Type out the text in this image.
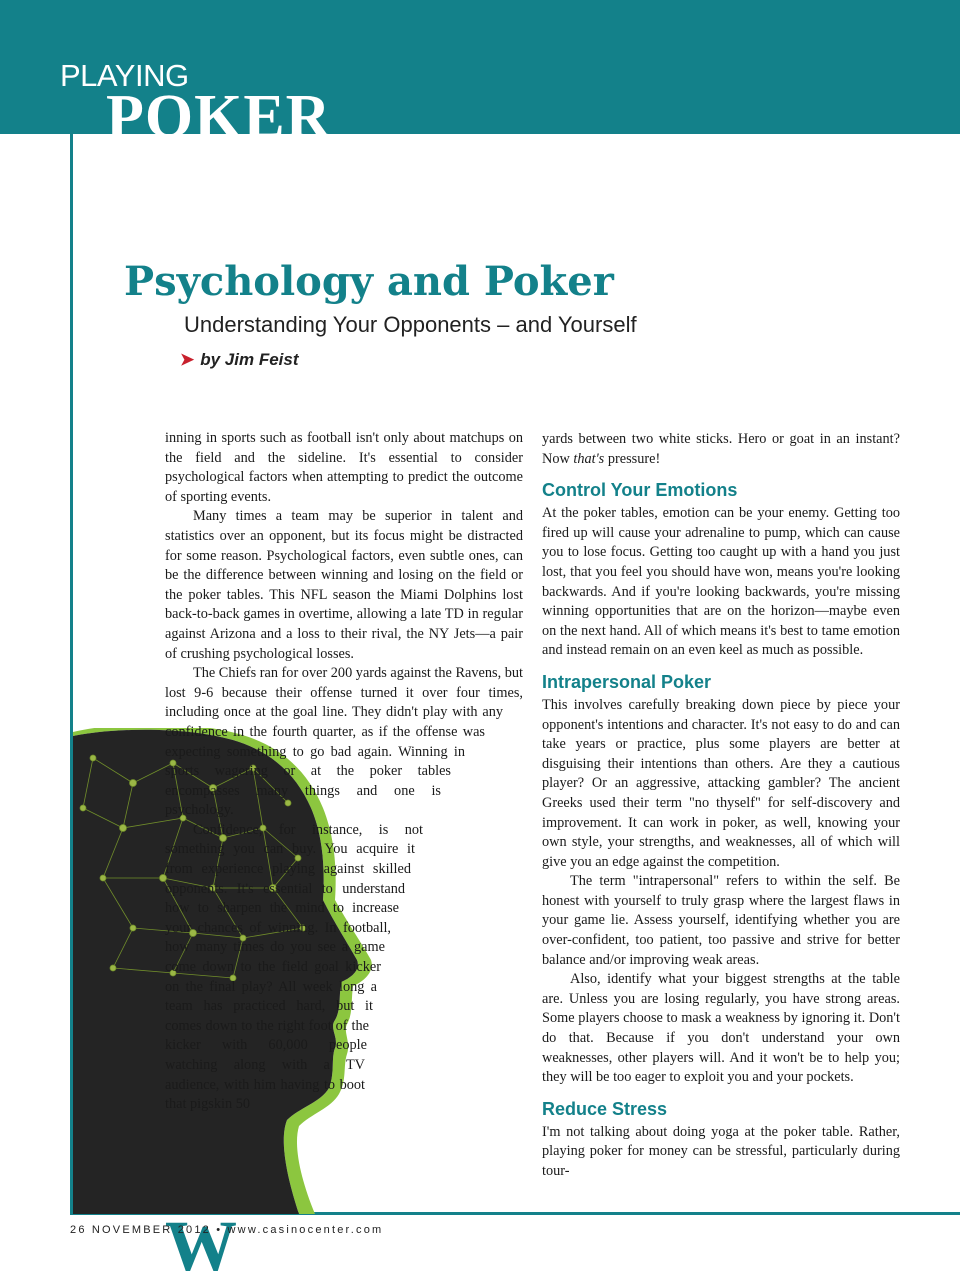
PLAYING
POKER
Psychology and Poker
Understanding Your Opponents – and Yourself
➤ by Jim Feist

W
inning in sports such as football isn't only about matchups on the field and the sideline. It's essential to consider psychological factors when attempting to predict the outcome of sporting events.

Many times a team may be superior in talent and statistics over an opponent, but its focus might be distracted for some reason. Psychological factors, even subtle ones, can be the difference between winning and losing on the field or the poker tables. This NFL season the Miami Dolphins lost back-to-back games in overtime, allowing a late TD in regular against Arizona and a loss to their rival, the NY Jets—a pair of crushing psychological losses.

The Chiefs ran for over 200 yards against the Ravens, but lost 9-6 because their offense turned it over four times, including once at the goal line. They didn't play with any confidence in the fourth quarter, as if the offense was expecting something to go bad again. Winning in sports wagering or at the poker tables encompasses many things and one is psychology.

Confidence, for instance, is not something you can buy. You acquire it from experience playing against skilled opponents. It's essential to understand how to sharpen the mind to increase your chances of winning. In football, how many times do you see a game come down to the field goal kicker on the final play? All week long a team has practiced hard, but it comes down to the right foot of the kicker with 60,000 people watching along with a TV audience, with him having to boot that pigskin 50

yards between two white sticks. Hero or goat in an instant? Now that's pressure!

Control Your Emotions

At the poker tables, emotion can be your enemy. Getting too fired up will cause your adrenaline to pump, which can cause you to lose focus. Getting too caught up with a hand you just lost, that you feel you should have won, means you're looking backwards. And if you're looking backwards, you're missing winning opportunities that are on the horizon—maybe even on the next hand. All of which means it's best to tame emotion and instead remain on an even keel as much as possible.

Intrapersonal Poker

This involves carefully breaking down piece by piece your opponent's intentions and character. It's not easy to do and can take years or practice, plus some players are better at disguising their intentions than others. Are they a cautious player? Or an aggressive, attacking gambler? The ancient Greeks used their term "no thyself" for self-discovery and improvement. It can work in poker, as well, knowing your own style, your strengths, and weaknesses, all of which will give you an edge against the competition.

The term "intrapersonal" refers to within the self. Be honest with yourself to truly grasp where the largest flaws in your game lie. Assess yourself, identifying whether you are over-confident, too patient, too passive and strive for better balance and/or improving weak areas.

Also, identify what your biggest strengths at the table are. Unless you are losing regularly, you have strong areas. Some players choose to mask a weakness by ignoring it. Don't do that. Because if you don't understand your own weaknesses, other players will. And it won't be to help you; they will be too eager to exploit you and your pockets.

Reduce Stress

I'm not talking about doing yoga at the poker table. Rather, playing poker for money can be stressful, particularly during tour-

26 NOVEMBER 2012 • www.casinocenter.com
